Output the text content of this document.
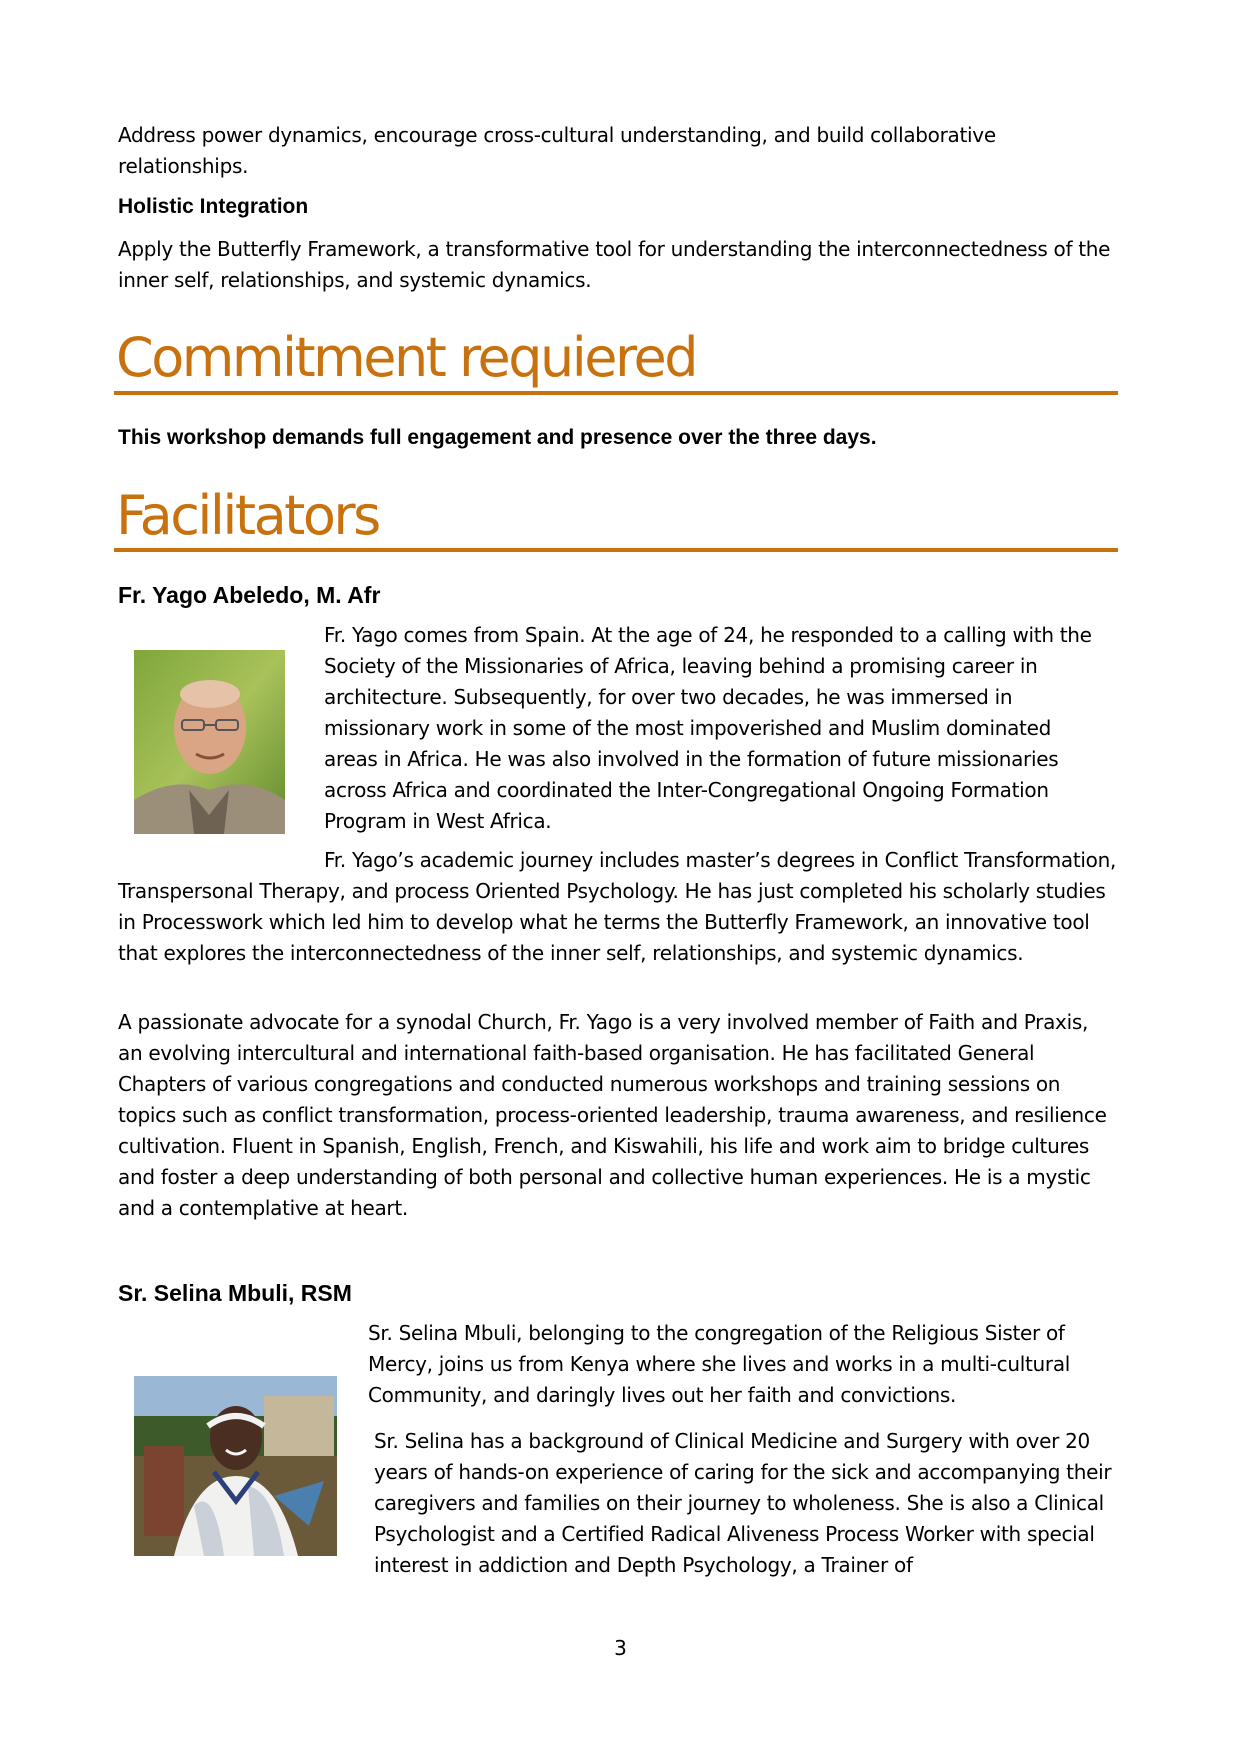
Address power dynamics, encourage cross-cultural understanding, and build collaborative relationships.

Holistic Integration

Apply the Butterfly Framework, a transformative tool for understanding the interconnectedness of the inner self, relationships, and systemic dynamics.

Commitment requiered

This workshop demands full engagement and presence over the three days.

Facilitators

Fr. Yago Abeledo, M. Afr

Fr. Yago comes from Spain. At the age of 24, he responded to a calling with the Society of the Missionaries of Africa, leaving behind a promising career in architecture. Subsequently, for over two decades, he was immersed in missionary work in some of the most impoverished and Muslim dominated areas in Africa. He was also involved in the formation of future missionaries across Africa and coordinated the Inter-Congregational Ongoing Formation Program in West Africa.

Fr. Yago’s academic journey includes master’s degrees in Conflict Transformation, Transpersonal Therapy, and process Oriented Psychology. He has just completed his scholarly studies in Processwork which led him to develop what he terms the Butterfly Framework, an innovative tool that explores the interconnectedness of the inner self, relationships, and systemic dynamics.

A passionate advocate for a synodal Church, Fr. Yago is a very involved member of Faith and Praxis, an evolving intercultural and international faith-based organisation. He has facilitated General Chapters of various congregations and conducted numerous workshops and training sessions on topics such as conflict transformation, process-oriented leadership, trauma awareness, and resilience cultivation. Fluent in Spanish, English, French, and Kiswahili, his life and work aim to bridge cultures and foster a deep understanding of both personal and collective human experiences. He is a mystic and a contemplative at heart.

Sr. Selina Mbuli, RSM

Sr. Selina Mbuli, belonging to the congregation of the Religious Sister of Mercy, joins us from Kenya where she lives and works in a multi-cultural Community, and daringly lives out her faith and convictions.

Sr. Selina has a background of Clinical Medicine and Surgery with over 20 years of hands-on experience of caring for the sick and accompanying their caregivers and families on their journey to wholeness. She is also a Clinical Psychologist and a Certified Radical Aliveness Process Worker with special interest in addiction and Depth Psychology, a Trainer of

3
